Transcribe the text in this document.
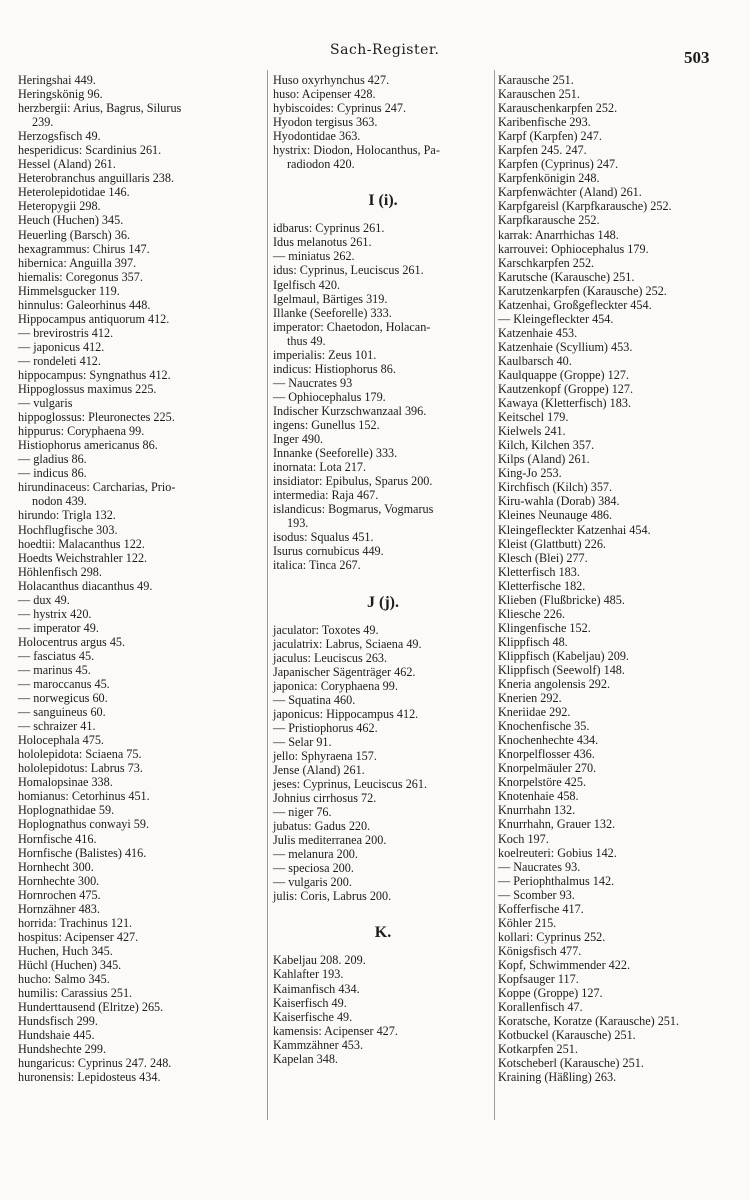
Sach-Register.	503
Heringshai 449.
Heringskönig 96.
herzbergii: Arius, Bagrus, Silurus
239.
Herzogsfisch 49.
hesperidicus: Scardinius 261.
Hessel (Aland) 261.
Heterobranchus anguillaris 238.
Heterolepidotidae 146.
Heteropygii 298.
Heuch (Huchen) 345.
Heuerling (Barsch) 36.
hexagrammus: Chirus 147.
hibernica: Anguilla 397.
hiemalis: Coregonus 357.
Himmelsgucker 119.
hinnulus: Galeorhinus 448.
Hippocampus antiquorum 412.
— brevirostris 412.
— japonicus 412.
— rondeleti 412.
hippocampus: Syngnathus 412.
Hippoglossus maximus 225.
— vulgaris
hippoglossus: Pleuronectes 225.
hippurus: Coryphaena 99.
Histiophorus americanus 86.
— gladius 86.
— indicus 86.
hirundinaceus: Carcharias, Prio-
nodon 439.
hirundo: Trigla 132.
Hochflugfische 303.
hoedtii: Malacanthus 122.
Hoedts Weichstrahler 122.
Höhlenfisch 298.
Holacanthus diacanthus 49.
— dux 49.
— hystrix 420.
— imperator 49.
Holocentrus argus 45.
— fasciatus 45.
— marinus 45.
— maroccanus 45.
— norwegicus 60.
— sanguineus 60.
— schraizer 41.
Holocephala 475.
hololepidota: Sciaena 75.
hololepidotus: Labrus 73.
Homalopsinae 338.
homianus: Cetorhinus 451.
Hoplognathidae 59.
Hoplognathus conwayi 59.
Hornfische 416.
Hornfische (Balistes) 416.
Hornhecht 300.
Hornhechte 300.
Hornrochen 475.
Hornzähner 483.
horrida: Trachinus 121.
hospitus: Acipenser 427.
Huchen, Huch 345.
Hüchl (Huchen) 345.
hucho: Salmo 345.
humilis: Carassius 251.
Hunderttausend (Elritze) 265.
Hundsfisch 299.
Hundshaie 445.
Hundshechte 299.
hungaricus: Cyprinus 247. 248.
huronensis: Lepidosteus 434.
Huso oxyrhynchus 427.
huso: Acipenser 428.
hybiscoides: Cyprinus 247.
Hyodon tergisus 363.
Hyodontidae 363.
hystrix: Diodon, Holocanthus, Pa-
radiodon 420.
I (i).
idbarus: Cyprinus 261.
Idus melanotus 261.
— miniatus 262.
idus: Cyprinus, Leuciscus 261.
Igelfisch 420.
Igelmaul, Bärtiges 319.
Illanke (Seeforelle) 333.
imperator: Chaetodon, Holacan-
thus 49.
imperialis: Zeus 101.
indicus: Histiophorus 86.
— Naucrates 93
— Ophiocephalus 179.
Indischer Kurzschwanzaal 396.
ingens: Gunellus 152.
Inger 490.
Innanke (Seeforelle) 333.
inornata: Lota 217.
insidiator: Epibulus, Sparus 200.
intermedia: Raja 467.
islandicus: Bogmarus, Vogmarus
193.
isodus: Squalus 451.
Isurus cornubicus 449.
italica: Tinca 267.
J (j).
jaculator: Toxotes 49.
jaculatrix: Labrus, Sciaena 49.
jaculus: Leuciscus 263.
Japanischer Sägenträger 462.
japonica: Coryphaena 99.
— Squatina 460.
japonicus: Hippocampus 412.
— Pristiophorus 462.
— Selar 91.
jello: Sphyraena 157.
Jense (Aland) 261.
jeses: Cyprinus, Leuciscus 261.
Johnius cirrhosus 72.
— niger 76.
jubatus: Gadus 220.
Julis mediterranea 200.
— melanura 200.
— speciosa 200.
— vulgaris 200.
julis: Coris, Labrus 200.
K.
Kabeljau 208. 209.
Kahlafter 193.
Kaimanfisch 434.
Kaiserfisch 49.
Kaiserfische 49.
kamensis: Acipenser 427.
Kammzähner 453.
Kapelan 348.
Karausche 251.
Karauschen 251.
Karauschenkarpfen 252.
Karibenfische 293.
Karpf (Karpfen) 247.
Karpfen 245. 247.
Karpfen (Cyprinus) 247.
Karpfenkönigin 248.
Karpfenwächter (Aland) 261.
Karpfgareisl (Karpfkarausche) 252.
Karpfkarausche 252.
karrak: Anarrhichas 148.
karrouvei: Ophiocephalus 179.
Karschkarpfen 252.
Karutsche (Karausche) 251.
Karutzenkarpfen (Karausche) 252.
Katzenhai, Großgefleckter 454.
— Kleingefleckter 454.
Katzenhaie 453.
Katzenhaie (Scyllium) 453.
Kaulbarsch 40.
Kaulquappe (Groppe) 127.
Kautzenkopf (Groppe) 127.
Kawaya (Kletterfisch) 183.
Keitschel 179.
Kielwels 241.
Kilch, Kilchen 357.
Kilps (Aland) 261.
King-Jo 253.
Kirchfisch (Kilch) 357.
Kiru-wahla (Dorab) 384.
Kleines Neunauge 486.
Kleingefleckter Katzenhai 454.
Kleist (Glattbutt) 226.
Klesch (Blei) 277.
Kletterfisch 183.
Kletterfische 182.
Klieben (Flußbricke) 485.
Kliesche 226.
Klingenfische 152.
Klippfisch 48.
Klippfisch (Kabeljau) 209.
Klippfisch (Seewolf) 148.
Kneria angolensis 292.
Knerien 292.
Kneriidae 292.
Knochenfische 35.
Knochenhechte 434.
Knorpelflosser 436.
Knorpelmäuler 270.
Knorpelstöre 425.
Knotenhaie 458.
Knurrhahn 132.
Knurrhahn, Grauer 132.
Koch 197.
koelreuteri: Gobius 142.
— Naucrates 93.
— Periophthalmus 142.
— Scomber 93.
Kofferfische 417.
Köhler 215.
kollari: Cyprinus 252.
Königsfisch 477.
Kopf, Schwimmender 422.
Kopfsauger 117.
Koppe (Groppe) 127.
Korallenfisch 47.
Koratsche, Koratze (Karausche) 251.
Kotbuckel (Karausche) 251.
Kotkarpfen 251.
Kotscheberl (Karausche) 251.
Kraining (Häßling) 263.
